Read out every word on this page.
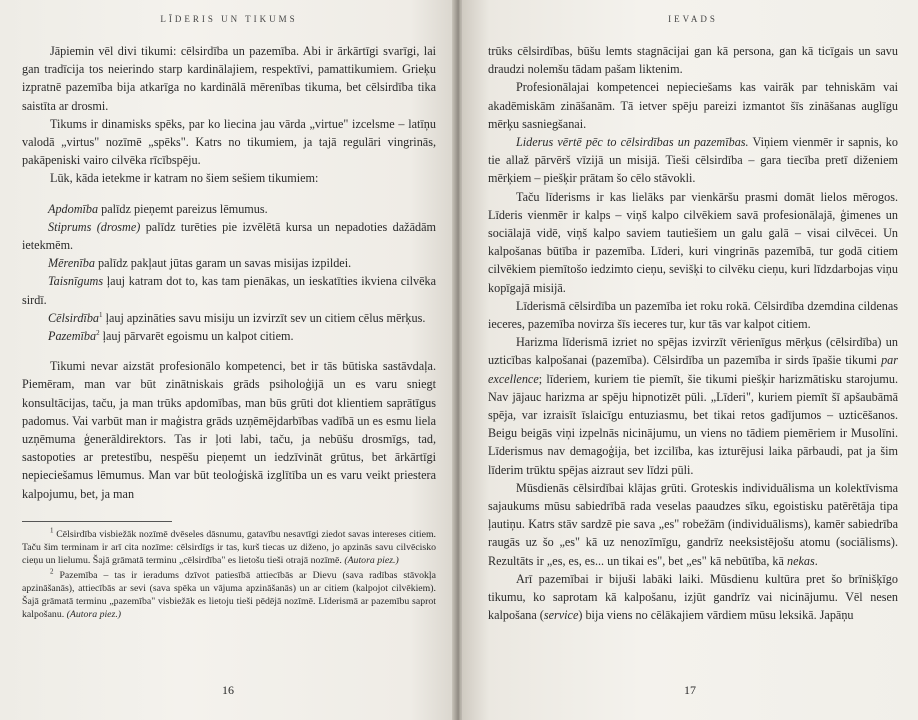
LĪDERIS UN TIKUMS

Jāpiemin vēl divi tikumi: cēlsirdība un pazemība. Abi ir ārkārtīgi svarīgi, lai gan tradīcija tos neierindo starp kardinālajiem, respektīvi, pamattikumiem. Grieķu izpratnē pazemība bija atkarīga no kardinālā mērenības tikuma, bet cēlsirdība tika saistīta ar drosmi.

Tikums ir dinamisks spēks, par ko liecina jau vārda „virtue" izcelsme – latīņu valodā „virtus" nozīmē „spēks". Katrs no tikumiem, ja tajā regulāri vingrinās, pakāpeniski vairo cilvēka rīcībspēju.

Lūk, kāda ietekme ir katram no šiem sešiem tikumiem:

Apdomība palīdz pieņemt pareizus lēmumus.

Stiprums (drosme) palīdz turēties pie izvēlētā kursa un nepadoties dažādām ietekmēm.

Mērenība palīdz pakļaut jūtas garam un savas misijas izpildei.

Taisnīgums ļauj katram dot to, kas tam pienākas, un ieskatīties ikviena cilvēka sirdī.

Cēlsirdība$^1$ ļauj apzināties savu misiju un izvirzīt sev un citiem cēlus mērķus.

Pazemība$^2$ ļauj pārvarēt egoismu un kalpot citiem.

Tikumi nevar aizstāt profesionālo kompetenci, bet ir tās būtiska sastāvdaļa. Piemēram, man var būt zinātniskais grāds psiholoģijā un es varu sniegt konsultācijas, taču, ja man trūks apdomības, man būs grūti dot klientiem saprātīgus padomus. Vai varbūt man ir maģistra grāds uzņēmējdarbības vadībā un es esmu liela uzņēmuma ģenerāldirektors. Tas ir ļoti labi, taču, ja nebūšu drosmīgs, tad, sastopoties ar pretestību, nespēšu pieņemt un iedzīvināt grūtus, bet ārkārtīgi nepieciešamus lēmumus. Man var būt teoloģiskā izglītība un es varu veikt priestera kalpojumu, bet, ja man

$^1$ Cēlsirdība visbiežāk nozīmē dvēseles dāsnumu, gatavību nesavtīgi ziedot savas intereses citiem. Taču šim terminam ir arī cita nozīme: cēlsirdīgs ir tas, kurš tiecas uz diženo, jo apzinās savu cilvēcisko cieņu un lielumu. Šajā grāmatā terminu „cēlsirdība" es lietošu tieši otrajā nozīmē. (Autora piez.)

$^2$ Pazemība – tas ir ieradums dzīvot patiesībā attiecībās ar Dievu (sava radības stāvokļa apzināšanās), attiecībās ar sevi (sava spēka un vājuma apzināšanās) un ar citiem (kalpojot cilvēkiem). Šajā grāmatā terminu „pazemība" visbiežāk es lietoju tieši pēdējā nozīmē. Līderismā ar pazemību saprot kalpošanu. (Autora piez.)

16
IEVADS

trūks cēlsirdības, būšu lemts stagnācijai gan kā persona, gan kā ticīgais un savu draudzi nolemšu tādam pašam liktenim.

Profesionālajai kompetencei nepieciešams kas vairāk par tehniskām vai akadēmiskām zināšanām. Tā ietver spēju pareizi izmantot šīs zināšanas auglīgu mērķu sasniegšanai.

Liderus vērtē pēc to cēlsirdības un pazemības. Viņiem vienmēr ir sapnis, ko tie allaž pārvērš vīzijā un misijā. Tieši cēlsirdība – gara tiecība pretī diženiem mērķiem – piešķir prātam šo cēlo stāvokli.

Taču līderisms ir kas lielāks par vienkāršu prasmi domāt lielos mērogos. Līderis vienmēr ir kalps – viņš kalpo cilvēkiem savā profesionālajā, ģimenes un sociālajā vidē, viņš kalpo saviem tautiešiem un galu galā – visai cilvēcei. Un kalpošanas būtība ir pazemība. Līderi, kuri vingrinās pazemībā, tur godā citiem cilvēkiem piemītošo iedzimto cieņu, sevišķi to cilvēku cieņu, kuri līdzdarbojas viņu kopīgajā misijā.

Līderismā cēlsirdība un pazemība iet roku rokā. Cēlsirdība dzemdina cildenas ieceres, pazemība novirza šīs ieceres tur, kur tās var kalpot citiem.

Harizma līderismā izriet no spējas izvirzīt vērienīgus mērķus (cēlsirdība) un uzticības kalpošanai (pazemība). Cēlsirdība un pazemība ir sirds īpašie tikumi par excellence; līderiem, kuriem tie piemīt, šie tikumi piešķir harizmātisku starojumu. Nav jājauc harizma ar spēju hipnotizēt pūli. „Līderi", kuriem piemīt šī apšaubāmā spēja, var izraisīt īslaicīgu entuziasmu, bet tikai retos gadījumos – uzticēšanos. Beigu beigās viņi izpelnās nicinājumu, un viens no tādiem piemēriem ir Musolīni. Līderismus nav demagoģija, bet izcilība, kas izturējusi laika pārbaudi, pat ja šim līderim trūktu spējas aizraut sev līdzi pūli.

Mūsdienās cēlsirdībai klājas grūti. Groteskis individuālisma un kolektīvisma sajaukums mūsu sabiedrībā rada veselas paaudzes sīku, egoistisku patērētāja tipa ļautiņu. Katrs stāv sardzē pie sava „es" robežām (individuālisms), kamēr sabiedrība raugās uz šo „es" kā uz nenozīmīgu, gandrīz neeksistējošu atomu (sociālisms). Rezultāts ir „es, es, es... un tikai es", bet „es" kā nebūtība, kā nekas.

Arī pazemībai ir bijuši labāki laiki. Mūsdienu kultūra pret šo brīnišķīgo tikumu, ko saprotam kā kalpošanu, izjūt gandrīz vai nicinājumu. Vēl nesen kalpošana (service) bija viens no cēlākajiem vārdiem mūsu leksikā. Japāņu

17
